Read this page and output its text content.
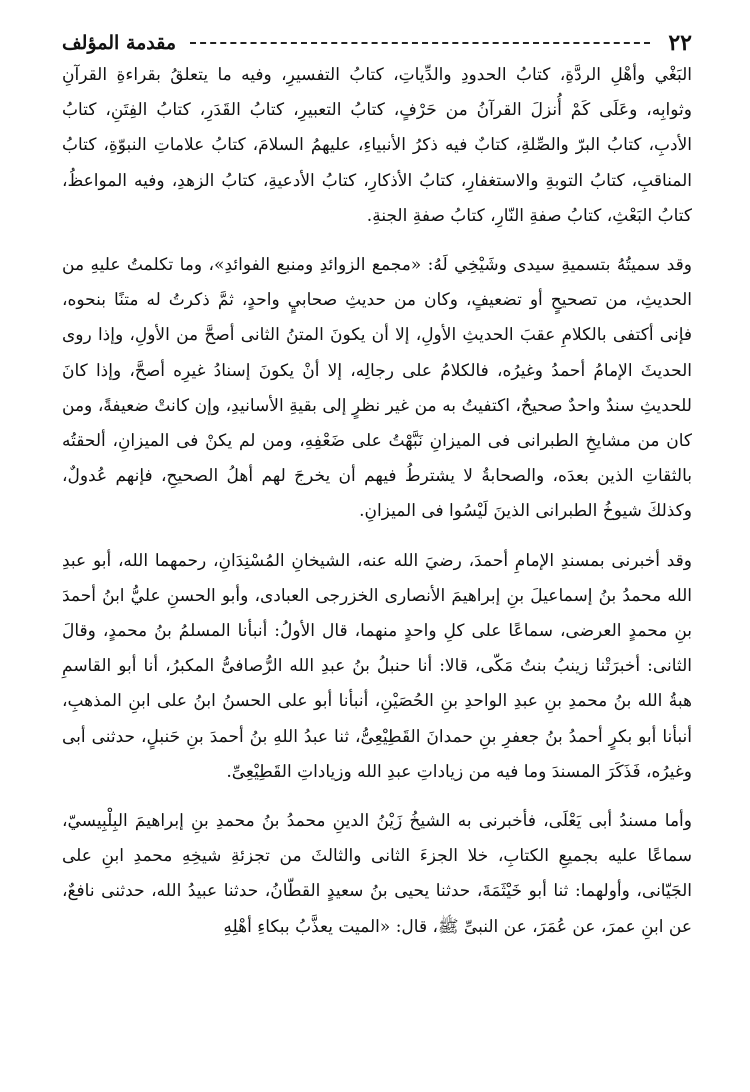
٢٢
مقدمة المؤلف

البَغْي وأهْلِ الردَّةِ، كتابُ الحدودِ والدِّياتِ، كتابُ التفسيرِ، وفيه ما يتعلقُ بقراءةِ القرآنِ وثوابِه، وعَلَى كَمْ أُنزلَ القرآنُ من حَرْفٍ، كتابُ التعبيرِ، كتابُ القَدَرِ، كتابُ الفِتَنِ، كتابُ الأدبِ، كتابُ البرّ والصِّلةِ، كتابٌ فيه ذكرُ الأنبياءِ، عليهمُ السلامَ، كتابُ علاماتِ النبوّةِ، كتابُ المناقبِ، كتابُ التوبةِ والاستغفارِ، كتابُ الأذكارِ، كتابُ الأدعيةِ، كتابُ الزهدِ، وفيه المواعظُ، كتابُ البَعْثِ، كتابُ صفةِ النّارِ، كتابُ صفةِ الجنةِ.

وقد سميتُهُ بتسميةِ سيدى وشَيْخِي لَهُ: «مجمع الزوائدِ ومنبع الفوائدِ»، وما تكلمتُ عليهِ من الحديثِ، من تصحيحٍ أو تضعيفٍ، وكان من حديثِ صحابيٍ واحدٍ، ثمَّ ذكرتُ له متنًا بنحوه، فإنى أكتفى بالكلامِ عقبَ الحديثِ الأولِ، إلا أن يكونَ المتنُ الثانى أصحَّ من الأولِ، وإذا روى الحديثَ الإمامُ أحمدُ وغيرُه، فالكلامُ على رجالِه، إلا أنْ يكونَ إسنادُ غيرِه أصحَّ، وإذا كانَ للحديثِ سندٌ واحدٌ صحيحٌ، اكتفيتُ به من غير نظرٍ إلى بقيةِ الأسانيدِ، وإن كانتْ ضعيفةً، ومن كان من مشايخِ الطبرانى فى الميزانِ نَبَّهْتُ على ضَعْفِهِ، ومن لم يكنْ فى الميزانِ، ألحقتُه بالثقاتِ الذين بعدَه، والصحابةُ لا يشترطُ فيهم أن يخرجَ لهم أهلُ الصحيحِ، فإنهم عُدولٌ، وكذلكَ شيوخُ الطبرانى الذينَ لَيْسُوا فى الميزانِ.

وقد أخبرنى بمسندِ الإمامِ أحمدَ، رضيَ الله عنه، الشيخانِ المُسْنِدَانِ، رحمهما الله، أبو عبدِ الله محمدُ بنُ إسماعيلَ بنِ إبراهيمَ الأنصارى الخزرجى العبادى، وأبو الحسنِ عليُّ ابنُ أحمدَ بنِ محمدٍ العرضى، سماعًا على كلِ واحدٍ منهما، قال الأولُ: أنبأنا المسلمُ بنُ محمدٍ، وقالَ الثانى: أخبرَتْنا زينبُ بنتُ مَكّى، قالا: أنا حنبلُ بنُ عبدِ الله الرُّصافىُّ المكبرُ، أنا أبو القاسمِ هبةُ الله بنُ محمدِ بنِ عبدِ الواحدِ بنِ الحُصَيْنِ، أنبأنا أبو على الحسنُ ابنُ على ابنِ المذهبِ، أنبأنا أبو بكرٍ أحمدُ بنُ جعفرِ بنِ حمدانَ القَطِيْعِىُّ، ثنا عبدُ اللهِ بنُ أحمدَ بنِ حَنبلٍ، حدثنى أبى وغيرُه، فَذَكَرَ المسندَ وما فيه من زياداتِ عبدِ الله وزياداتِ القَطِيْعِىِّ.

وأما مسندُ أبى يَعْلَى، فأخبرنى به الشيخُ زَيْنُ الدينِ محمدُ بنُ محمدِ بنِ إبراهيمَ البِلْبِيسيّ، سماعًا عليه بجميعِ الكتابِ، خلا الجزءَ الثانى والثالثَ من تجزئةِ شيخِهِ محمدِ ابنِ على الجَيّانى، وأولهما: ثنا أبو خَيْثَمَةَ، حدثنا يحيى بنُ سعيدٍ القطّانُ، حدثنا عبيدُ الله، حدثنى نافعٌ، عن ابنِ عمرَ، عن عُمَرَ، عن النبىِّ ﷺ، قال: «الميت يعذَّبُ ببكاءِ أهْلِهِ
